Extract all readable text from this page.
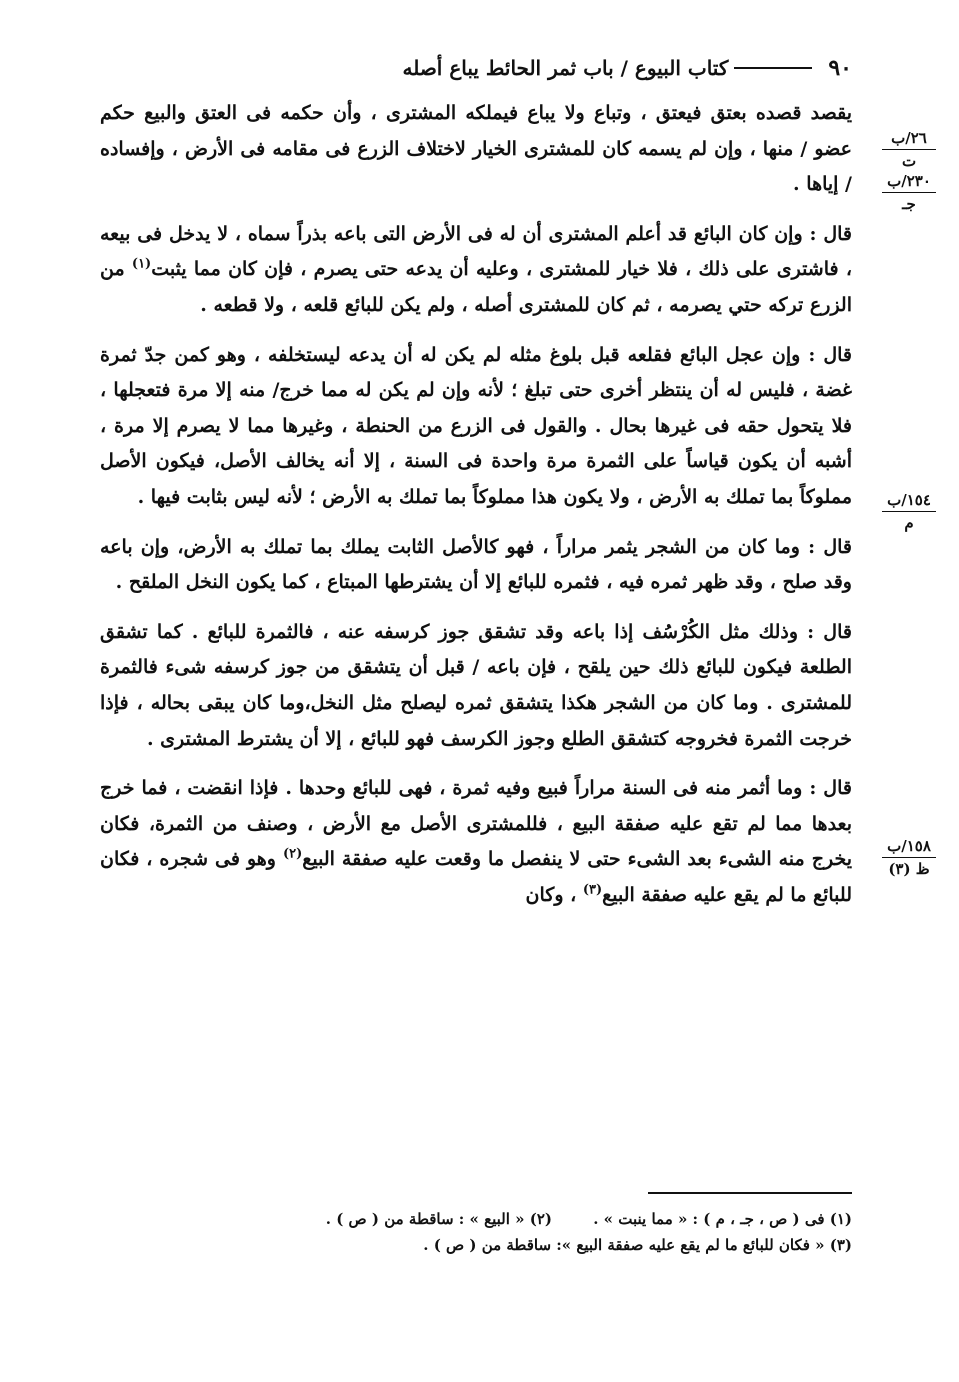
٩٠
كتاب البيوع / باب ثمر الحائط يباع أصله
٢٦/ب
ت
٢٣٠/ب
جـ
١٥٤/ب
م
١٥٨/ب
ظ (٣)

يقصد قصده بعتق فيعتق ، وتباع ولا يباع فيملكه المشترى ، وأن حكمه فى العتق والبيع حكم عضو / منها ، وإن لم يسمه كان للمشترى الخيار لاختلاف الزرع فى مقامه فى الأرض ، وإفساده / إياها .

قال : وإن كان البائع قد أعلم المشترى أن له فى الأرض التى باعه بذراً سماه ، لا يدخل فى بيعه ، فاشترى على ذلك ، فلا خيار للمشترى ، وعليه أن يدعه حتى يصرم ، فإن كان مما يثبت$^{(١)}$ من الزرع تركه حتي يصرمه ، ثم كان للمشترى أصله ، ولم يكن للبائع قلعه ، ولا قطعه .

قال : وإن عجل البائع فقلعه قبل بلوغ مثله لم يكن له أن يدعه ليستخلفه ، وهو كمن جدّ ثمرة غضة ، فليس له أن ينتظر أخرى حتى تبلغ ؛ لأنه وإن لم يكن له مما خرج/ منه إلا مرة فتعجلها ، فلا يتحول حقه فى غيرها بحال . والقول فى الزرع من الحنطة ، وغيرها مما لا يصرم إلا مرة ، أشبه أن يكون قياساً على الثمرة مرة واحدة فى السنة ، إلا أنه يخالف الأصل، فيكون الأصل مملوكاً بما تملك به الأرض ، ولا يكون هذا مملوكاً بما تملك به الأرض ؛ لأنه ليس بثابت فيها .

قال : وما كان من الشجر يثمر مراراً ، فهو كالأصل الثابت يملك بما تملك به الأرض، وإن باعه وقد صلح ، وقد ظهر ثمره فيه ، فثمره للبائع إلا أن يشترطها المبتاع ، كما يكون النخل الملقح .

قال : وذلك مثل الكُرْسُف إذا باعه وقد تشقق جوز كرسفه عنه ، فالثمرة للبائع . كما تشقق الطلعة فيكون للبائع ذلك حين يلقح ، فإن باعه / قبل أن يتشقق من جوز كرسفه شىء فالثمرة للمشترى . وما كان من الشجر هكذا يتشقق ثمره ليصلح مثل النخل،وما كان يبقى بحاله ، فإذا خرجت الثمرة فخروجه كتشقق الطلع وجوز الكرسف فهو للبائع ، إلا أن يشترط المشترى .

قال : وما أثمر منه فى السنة مراراً فبيع وفيه ثمرة ، فهى للبائع وحدها . فإذا انقضت ، فما خرج بعدها مما لم تقع عليه صفقة البيع ، فللمشترى الأصل مع الأرض ، وصنف من الثمرة، فكان يخرج منه الشىء بعد الشىء حتى لا ينفصل ما وقعت عليه صفقة البيع$^{(٢)}$ وهو فى شجره ، فكان للبائع ما لم يقع عليه صفقة البيع$^{(٣)}$ ، وكان

(١) فى ( ص ، جـ ، م ) : « مما ينبت » .
(٢) « البيع » : ساقطة من ( ص ) .
(٣) « فكان للبائع ما لم يقع عليه صفقة البيع »: ساقطة من ( ص ) .
